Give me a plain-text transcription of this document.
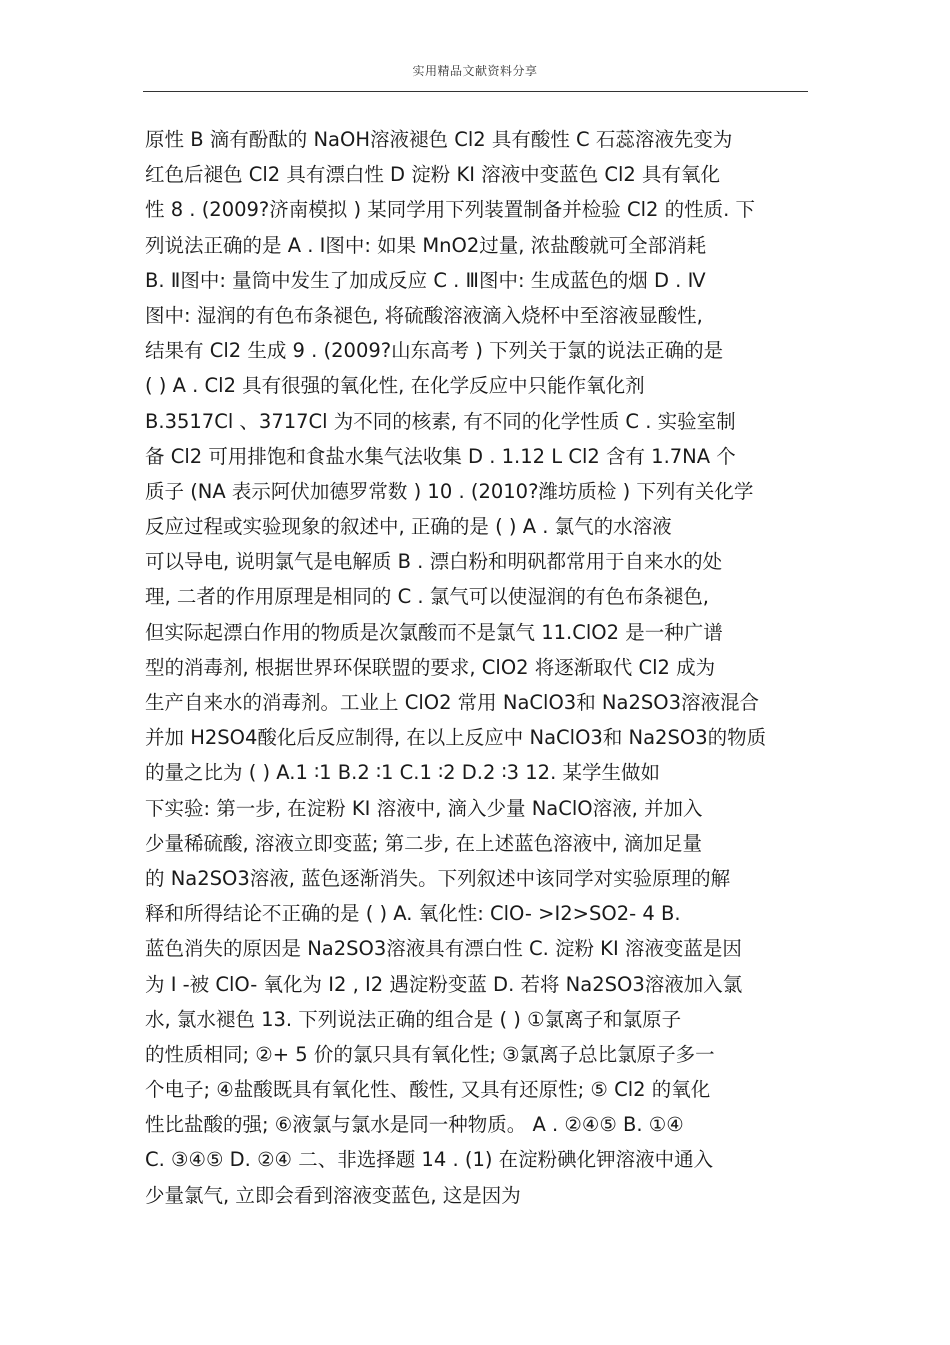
实用精品文献资料分享
原性 B 滴有酚酞的 NaOH溶液褪色 Cl2 具有酸性 C 石蕊溶液先变为
红色后褪色 Cl2 具有漂白性 D 淀粉 KI 溶液中变蓝色 Cl2 具有氧化
性 8 . (2009?济南模拟 ) 某同学用下列装置制备并检验 Cl2 的性质. 下
列说法正确的是 A . Ⅰ图中: 如果 MnO2过量, 浓盐酸就可全部消耗
B. Ⅱ图中: 量筒中发生了加成反应 C . Ⅲ图中: 生成蓝色的烟 D . Ⅳ
图中: 湿润的有色布条褪色, 将硫酸溶液滴入烧杯中至溶液显酸性,
结果有 Cl2 生成 9 . (2009?山东高考 ) 下列关于氯的说法正确的是
( ) A . Cl2 具有很强的氧化性, 在化学反应中只能作氧化剂
B.3517Cl 、3717Cl 为不同的核素, 有不同的化学性质 C . 实验室制
备 Cl2 可用排饱和食盐水集气法收集 D . 1.12 L Cl2 含有 1.7NA 个
质子 (NA 表示阿伏加德罗常数 ) 10 . (2010?潍坊质检 ) 下列有关化学
反应过程或实验现象的叙述中, 正确的是 ( ) A . 氯气的水溶液
可以导电, 说明氯气是电解质 B . 漂白粉和明矾都常用于自来水的处
理, 二者的作用原理是相同的 C . 氯气可以使湿润的有色布条褪色,
但实际起漂白作用的物质是次氯酸而不是氯气 11.ClO2 是一种广谱
型的消毒剂, 根据世界环保联盟的要求, ClO2 将逐渐取代 Cl2 成为
生产自来水的消毒剂。工业上 ClO2 常用 NaClO3和 Na2SO3溶液混合
并加 H2SO4酸化后反应制得, 在以上反应中 NaClO3和 Na2SO3的物质
的量之比为 ( ) A.1 ∶1 B.2 ∶1 C.1 ∶2 D.2 ∶3 12. 某学生做如
下实验: 第一步, 在淀粉 KI 溶液中, 滴入少量 NaClO溶液, 并加入
少量稀硫酸, 溶液立即变蓝; 第二步, 在上述蓝色溶液中, 滴加足量
的 Na2SO3溶液, 蓝色逐渐消失。下列叙述中该同学对实验原理的解
释和所得结论不正确的是 ( ) A. 氧化性: ClO- >I2>SO2- 4 B.
蓝色消失的原因是 Na2SO3溶液具有漂白性 C. 淀粉 KI 溶液变蓝是因
为 I -被 ClO- 氧化为 I2 , I2 遇淀粉变蓝 D. 若将 Na2SO3溶液加入氯
水, 氯水褪色 13. 下列说法正确的组合是 ( ) ①氯离子和氯原子
的性质相同; ②+ 5 价的氯只具有氧化性; ③氯离子总比氯原子多一
个电子; ④盐酸既具有氧化性、酸性, 又具有还原性; ⑤ Cl2 的氧化
性比盐酸的强; ⑥液氯与氯水是同一种物质。 A . ②④⑤ B. ①④
C. ③④⑤ D. ②④ 二、非选择题 14 . (1) 在淀粉碘化钾溶液中通入
少量氯气, 立即会看到溶液变蓝色, 这是因为
